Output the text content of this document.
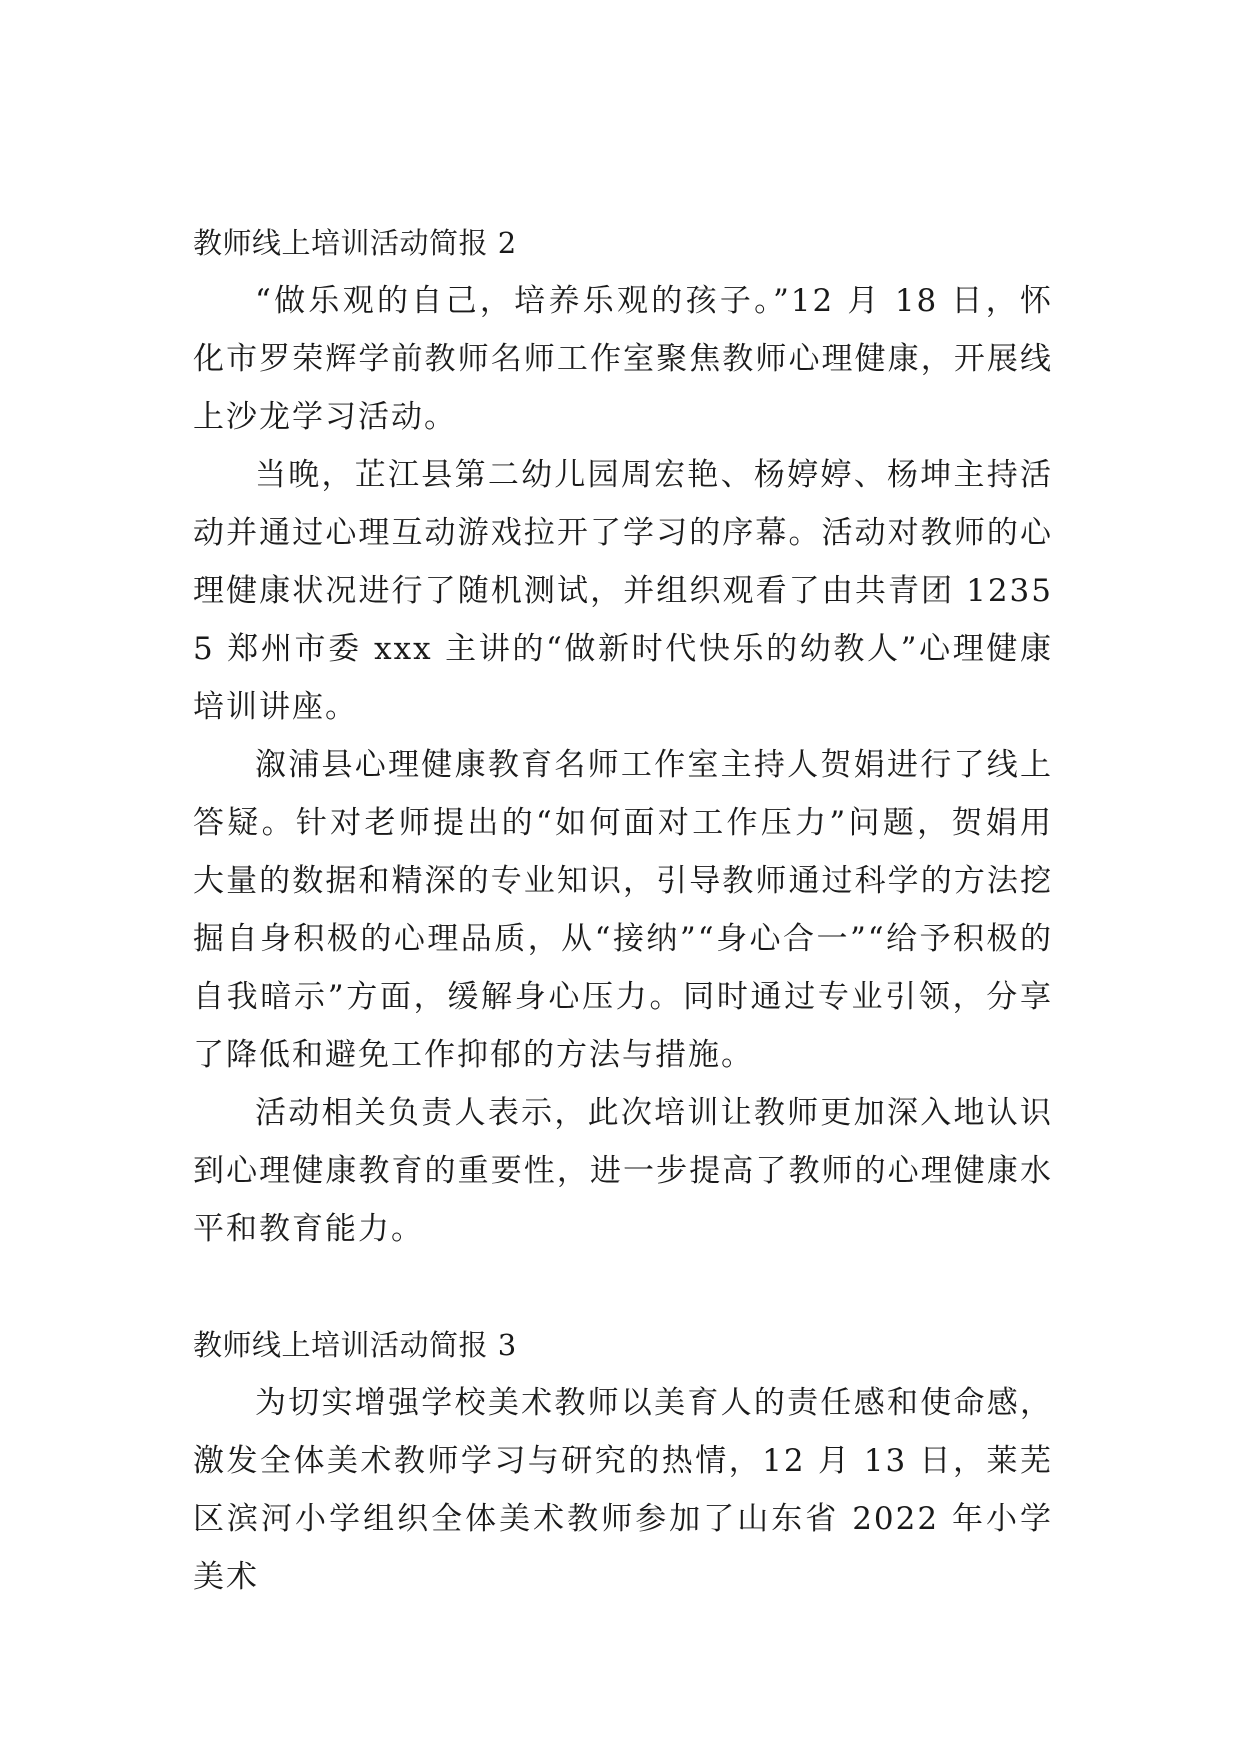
教师线上培训活动简报 2

“做乐观的自己，培养乐观的孩子。”12 月 18 日，怀化市罗荣辉学前教师名师工作室聚焦教师心理健康，开展线上沙龙学习活动。

当晚，芷江县第二幼儿园周宏艳、杨婷婷、杨坤主持活动并通过心理互动游戏拉开了学习的序幕。活动对教师的心理健康状况进行了随机测试，并组织观看了由共青团 12355 郑州市委 xxx 主讲的“做新时代快乐的幼教人”心理健康培训讲座。

溆浦县心理健康教育名师工作室主持人贺娟进行了线上答疑。针对老师提出的“如何面对工作压力”问题，贺娟用大量的数据和精深的专业知识，引导教师通过科学的方法挖掘自身积极的心理品质，从“接纳”“身心合一”“给予积极的自我暗示”方面，缓解身心压力。同时通过专业引领，分享了降低和避免工作抑郁的方法与措施。

活动相关负责人表示，此次培训让教师更加深入地认识到心理健康教育的重要性，进一步提高了教师的心理健康水平和教育能力。

教师线上培训活动简报 3

为切实增强学校美术教师以美育人的责任感和使命感，激发全体美术教师学习与研究的热情，12 月 13 日，莱芜区滨河小学组织全体美术教师参加了山东省 2022 年小学美术
